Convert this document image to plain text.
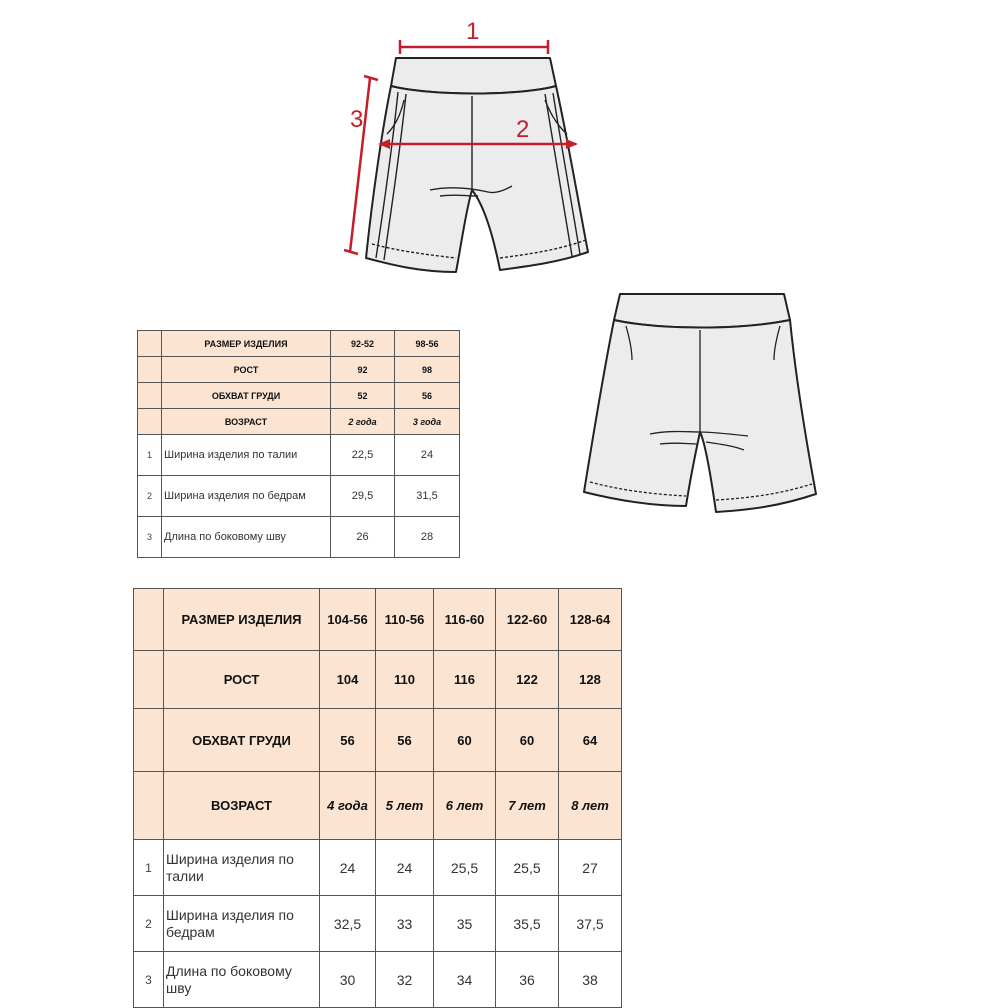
1
2
3
	РАЗМЕР ИЗДЕЛИЯ	92-52	98-56
	РОСТ	92	98
	ОБХВАТ ГРУДИ	52	56
	ВОЗРАСТ	2 года	3 года
1	Ширина изделия по талии	22,5	24
2	Ширина изделия по бедрам	29,5	31,5
3	Длина по боковому шву	26	28
	РАЗМЕР ИЗДЕЛИЯ	104-56	110-56	116-60	122-60	128-64
	РОСТ	104	110	116	122	128
	ОБХВАТ ГРУДИ	56	56	60	60	64
	ВОЗРАСТ	4 года	5 лет	6 лет	7 лет	8 лет
1	Ширина изделия по талии	24	24	25,5	25,5	27
2	Ширина изделия по бедрам	32,5	33	35	35,5	37,5
3	Длина по боковому шву	30	32	34	36	38
